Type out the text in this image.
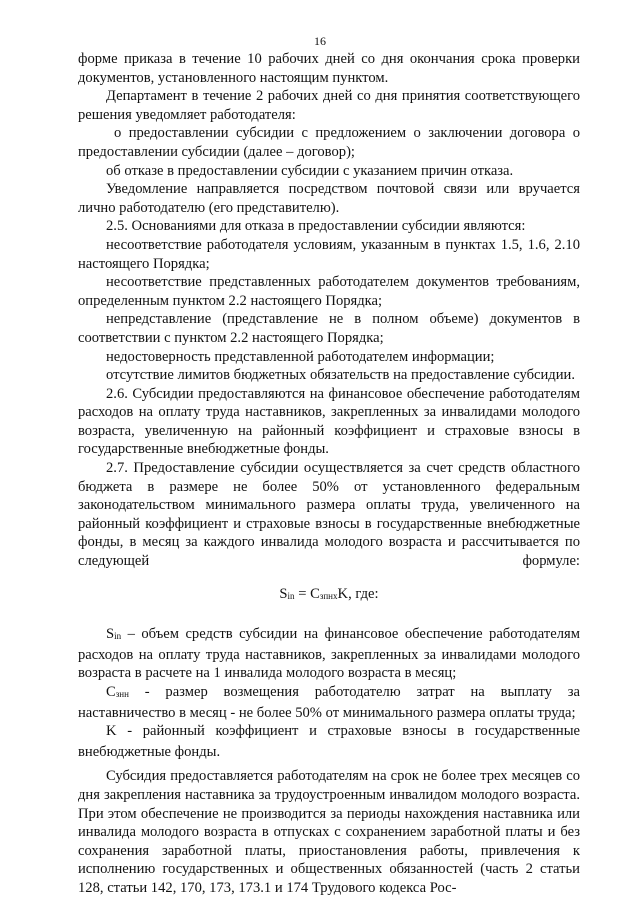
16

форме приказа в течение 10 рабочих дней со дня окончания срока проверки документов, установленного настоящим пунктом.

Департамент в течение 2 рабочих дней со дня принятия соответствующего решения уведомляет работодателя:

о предоставлении субсидии с предложением о заключении договора о предоставлении субсидии (далее – договор);

об отказе в предоставлении субсидии с указанием причин отказа.

Уведомление направляется посредством почтовой связи или вручается лично работодателю (его представителю).

2.5. Основаниями для отказа в предоставлении субсидии являются:

несоответствие работодателя условиям, указанным в пунктах 1.5, 1.6, 2.10 настоящего Порядка;

несоответствие представленных работодателем документов требованиям, определенным пунктом 2.2 настоящего Порядка;

непредставление (представление не в полном объеме) документов в соответствии с пунктом 2.2 настоящего Порядка;

недостоверность представленной работодателем информации;

отсутствие лимитов бюджетных обязательств на предоставление субсидии.

2.6. Субсидии предоставляются на финансовое обеспечение работодателям расходов на оплату труда наставников, закрепленных за инвалидами молодого возраста, увеличенную на районный коэффициент и страховые взносы в государственные внебюджетные фонды.

2.7. Предоставление субсидии осуществляется за счет средств областного бюджета в размере не более 50% от установленного федеральным законодательством минимального размера оплаты труда, увеличенного на районный коэффициент и страховые взносы в государственные внебюджетные фонды, в месяц за каждого инвалида молодого возраста и рассчитывается по следующей формуле:

Sin = CзпнxK, где:

Sin – объем средств субсидии на финансовое обеспечение работодателям расходов на оплату труда наставников, закрепленных за инвалидами молодого возраста в расчете на 1 инвалида молодого возраста в месяц;

Cзнн - размер возмещения работодателю затрат на выплату за наставничество в месяц - не более 50% от минимального размера оплаты труда;

K - районный коэффициент и страховые взносы в государственные внебюджетные фонды.

Субсидия предоставляется работодателям на срок не более трех месяцев со дня закрепления наставника за трудоустроенным инвалидом молодого возраста. При этом обеспечение не производится за периоды нахождения наставника или инвалида молодого возраста в отпусках с сохранением заработной платы и без сохранения заработной платы, приостановления работы, привлечения к исполнению государственных и общественных обязанностей (часть 2 статьи 128, статьи 142, 170, 173, 173.1 и 174 Трудового кодекса Рос-
